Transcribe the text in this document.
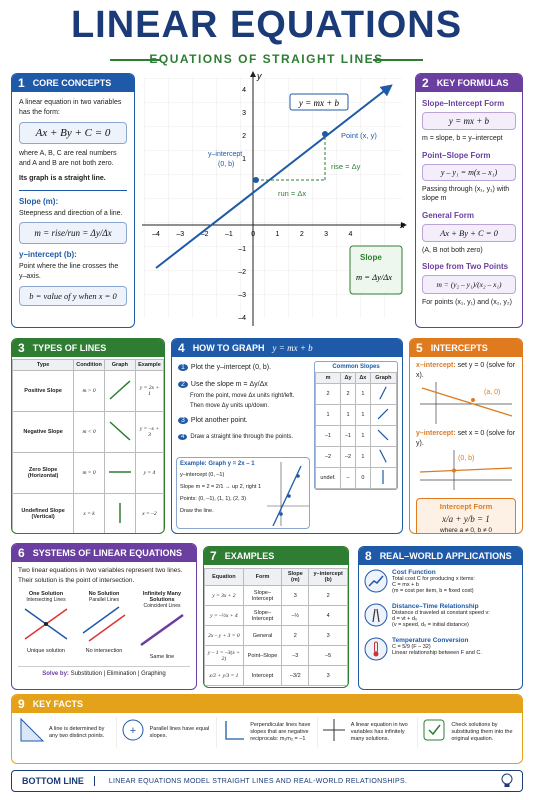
LINEAR EQUATIONS
EQUATIONS OF STRAIGHT LINES
1 CORE CONCEPTS
A linear equation in two variables has the form:
Ax + By + C = 0
where A, B, C are real numbers and A and B are not both zero.
Its graph is a straight line.
Slope (m):
Steepness and direction of a line.
m = rise/run = Δy/Δx
y–intercept (b):
Point where the line crosses the y–axis.
b = value of y when x = 0
x
y
–4 –3 –2 –1	0	1	2	3	4
4
3
2
1
–1
–2
–3
–4
y = mx + b
Point (x, y)
y–intercept
(0, b)	rise = Δy
run = Δx
Slope
m = Δy/Δx
2 KEY FORMULAS
Slope–Intercept Form
y = mx + b
m = slope, b = y–intercept
Point–Slope Form
y – y₁ = m(x – x₁)
Passing through (x₁, y₁) with slope m
General Form
Ax + By + C = 0
(A, B not both zero)
Slope from Two Points
m = (y₂ – y₁)/(x₂ – x₁)
For points (x₁, y₁) and (x₂, y₂)
3 TYPES OF LINES
Type	Condition	Graph	Example
Positive Slope	m > 0		y = 2x + 1
Negative Slope	m < 0		y = –x + 3
Zero Slope (Horizontal)	m = 0		y = 4
Undefined Slope (Vertical)	x = k		x = –2
4 HOW TO GRAPH y = mx + b
1 Plot the y–intercept (0, b).
2 Use the slope m = Δy/Δx
From the point, move Δx units right/left.
Then move Δy units up/down.
3 Plot another point.
4 Draw a straight line through the points.
Example: Graph y = 2x – 1
y–intercept (0, –1)
Slope m = 2 = 2/1 → up 2, right 1
Points: (0, –1), (1, 1), (2, 3)
Draw the line.
Common Slopes
m	Δy	Δx	Graph
2	2	1	
1	1	1	
–1	–1	1	
–2	–2	1	
undef.	–	0	
5 INTERCEPTS
x–intercept: set y = 0 (solve for x).
(a, 0)
y–intercept: set x = 0 (solve for y).
(0, b)
Intercept Form
x/a + y/b = 1
where a ≠ 0, b ≠ 0
6 SYSTEMS OF LINEAR EQUATIONS
Two linear equations in two variables represent two lines. Their solution is the point of intersection.
One Solution
Intersecting Lines
Unique solution
No Solution
Parallel Lines
No intersection
Infinitely Many Solutions
Coincident Lines
Same line
Solve by: Substitution | Elimination | Graphing
7 EXAMPLES
Equation	Form	Slope (m)	y–intercept (b)
y = 3x + 2	Slope–Intercept	3	2
y = –½x + 4	Slope–Intercept	–½	4
2x – y + 3 = 0	General	2	3
y – 1 = –3(x + 2)	Point–Slope	–3	–5
x/2 + y/3 = 1	Intercept	–3/2	3
8 REAL–WORLD APPLICATIONS
Cost Function
Total cost C for producing x items:
C = mx + b
(m = cost per item, b = fixed cost)
Distance–Time Relationship
Distance d traveled at constant speed v:
d = vt + d₀
(v = speed, d₀ = initial distance)
Temperature Conversion
C = 5/9 (F – 32)
Linear relationship between F and C.
9 KEY FACTS
A line is determined by any two distinct points.	+	Parallel lines have equal slopes.
Perpendicular lines have slopes that are negative reciprocals: m₁m₂ = –1
A linear equation in two variables has infinitely many solutions.
Check solutions by substituting them into the original equation.
BOTTOM LINE	LINEAR EQUATIONS MODEL STRAIGHT LINES AND REAL-WORLD RELATIONSHIPS.
